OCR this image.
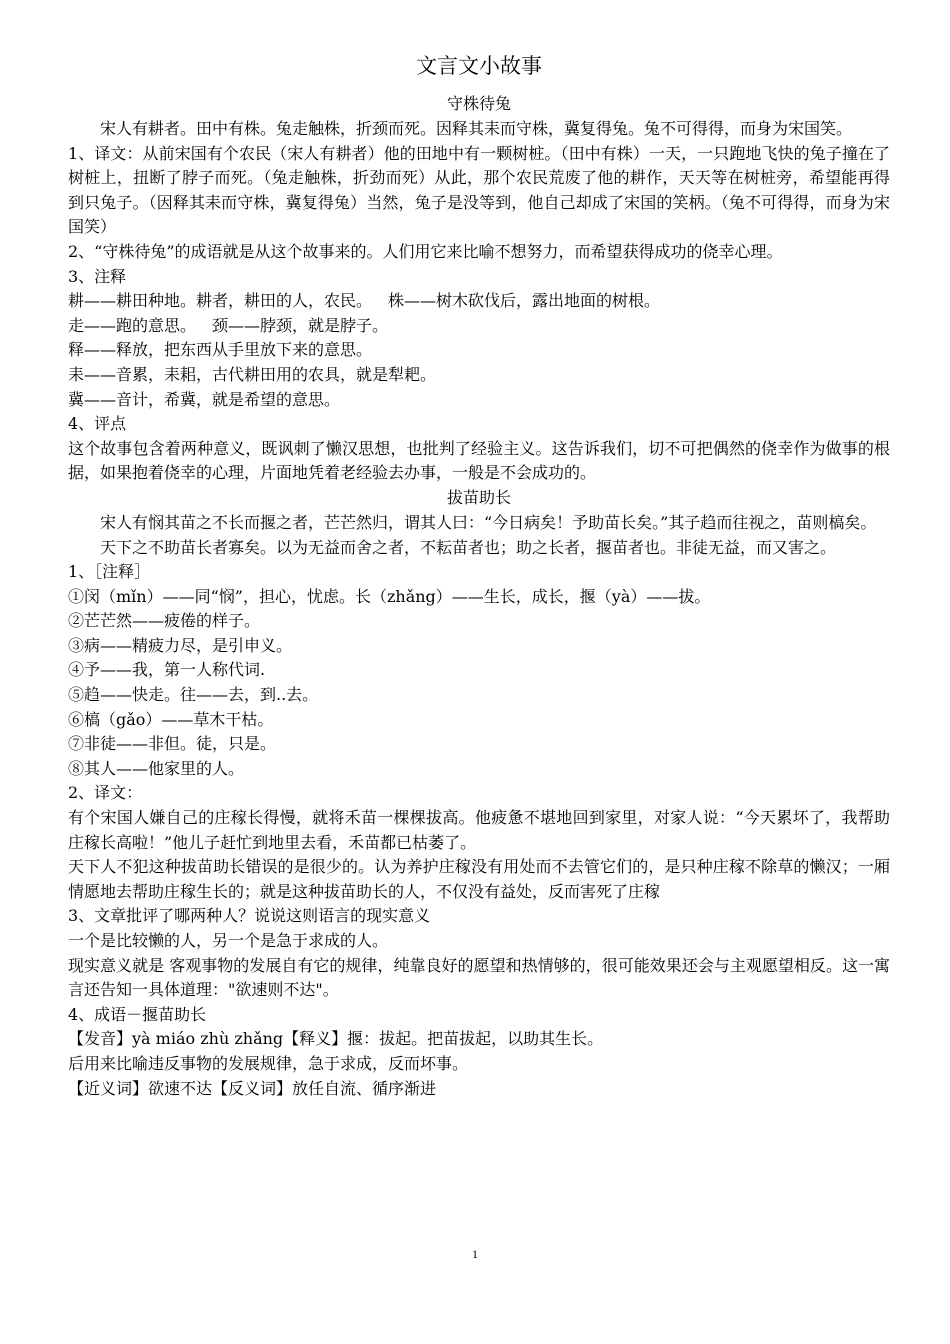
文言文小故事
守株待兔

宋人有耕者。田中有株。兔走触株，折颈而死。因释其耒而守株，冀复得兔。兔不可得得，而身为宋国笑。

1、译文：从前宋国有个农民（宋人有耕者）他的田地中有一颗树桩。（田中有株）一天，一只跑地飞快的兔子撞在了树桩上，扭断了脖子而死。（兔走触株，折劲而死）从此，那个农民荒废了他的耕作，天天等在树桩旁，希望能再得到只兔子。（因释其耒而守株，冀复得兔）当然，兔子是没等到，他自己却成了宋国的笑柄。（兔不可得得，而身为宋国笑）

2、“守株待兔”的成语就是从这个故事来的。人们用它来比喻不想努力，而希望获得成功的侥幸心理。

3、注释

耕——耕田种地。耕者，耕田的人，农民。 株——树木砍伐后，露出地面的树根。

走——跑的意思。 颈——脖颈，就是脖子。

释——释放，把东西从手里放下来的意思。

耒——音累，耒耜，古代耕田用的农具，就是犁耙。

冀——音计，希冀，就是希望的意思。

4、评点

这个故事包含着两种意义，既讽刺了懒汉思想，也批判了经验主义。这告诉我们，切不可把偶然的侥幸作为做事的根据，如果抱着侥幸的心理，片面地凭着老经验去办事，一般是不会成功的。

拔苗助长

宋人有悯其苗之不长而揠之者，芒芒然归，谓其人曰：“今日病矣！予助苗长矣。”其子趋而往视之，苗则槁矣。

天下之不助苗长者寡矣。以为无益而舍之者，不耘苗者也；助之长者，揠苗者也。非徒无益，而又害之。

1、［注释］

①闵（mǐn）——同“悯”，担心，忧虑。长（zhǎng）——生长，成长，揠（yà）——拔。

②芒芒然——疲倦的样子。

③病——精疲力尽，是引申义。

④予——我，第一人称代词.

⑤趋——快走。往——去，到..去。

⑥槁（gǎo）——草木干枯。

⑦非徒——非但。徒，只是。

⑧其人——他家里的人。

2、译文：

有个宋国人嫌自己的庄稼长得慢，就将禾苗一棵棵拔高。他疲惫不堪地回到家里，对家人说：“今天累坏了，我帮助庄稼长高啦！”他儿子赶忙到地里去看，禾苗都已枯萎了。

天下人不犯这种拔苗助长错误的是很少的。认为养护庄稼没有用处而不去管它们的，是只种庄稼不除草的懒汉；一厢情愿地去帮助庄稼生长的；就是这种拔苗助长的人，不仅没有益处，反而害死了庄稼

3、文章批评了哪两种人？说说这则语言的现实意义

一个是比较懒的人，另一个是急于求成的人。

现实意义就是 客观事物的发展自有它的规律，纯靠良好的愿望和热情够的，很可能效果还会与主观愿望相反。这一寓言还告知一具体道理："欲速则不达"。

4、成语－揠苗助长

【发音】yà miáo zhù zhǎng【释义】揠：拔起。把苗拔起，以助其生长。

后用来比喻违反事物的发展规律，急于求成，反而坏事。

【近义词】欲速不达【反义词】放任自流、循序渐进

1
